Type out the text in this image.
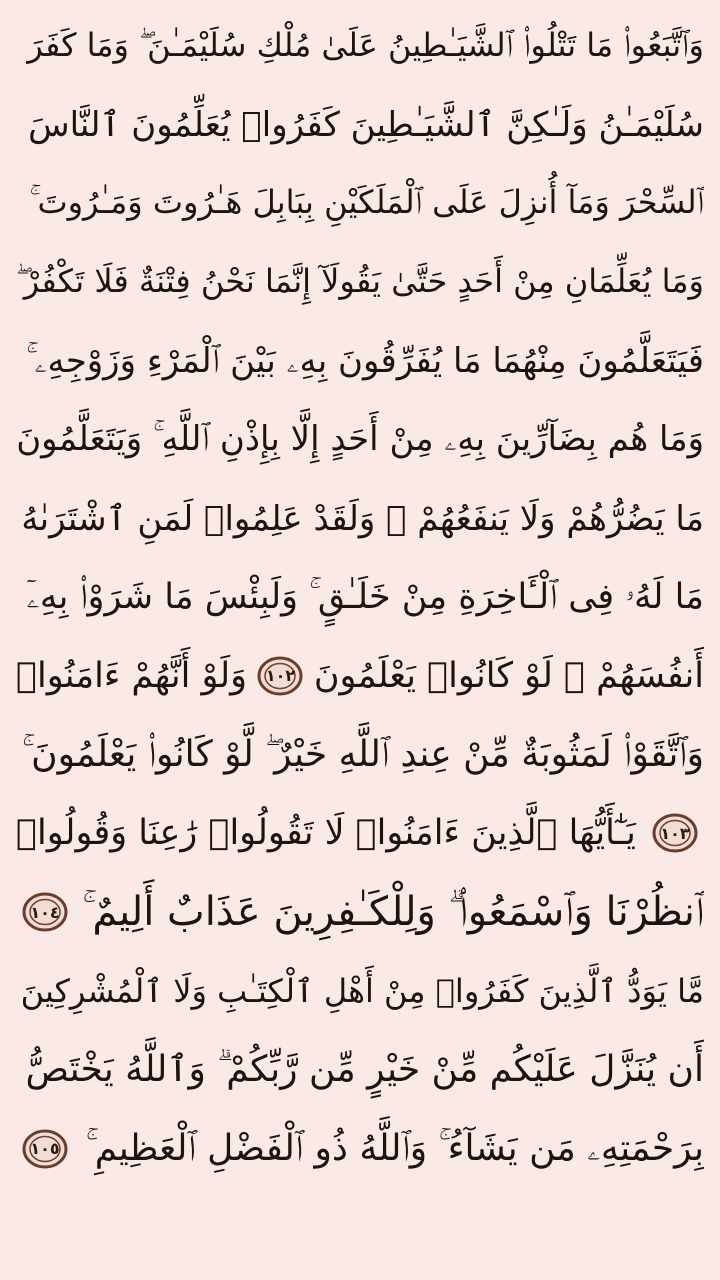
وَٱتَّبَعُوا۟ مَا تَتْلُوا۟ ٱلشَّيَـٰطِينُ عَلَىٰ مُلْكِ سُلَيْمَـٰنَ ۖ وَمَا كَفَرَ
سُلَيْمَـٰنُ وَلَـٰكِنَّ ٱلشَّيَـٰطِينَ كَفَرُوا۟ يُعَلِّمُونَ ٱلنَّاسَ
ٱلسِّحْرَ وَمَآ أُنزِلَ عَلَى ٱلْمَلَكَيْنِ بِبَابِلَ هَـٰرُوتَ وَمَـٰرُوتَ ۚ
وَمَا يُعَلِّمَانِ مِنْ أَحَدٍ حَتَّىٰ يَقُولَآ إِنَّمَا نَحْنُ فِتْنَةٌ فَلَا تَكْفُرْ ۖ
فَيَتَعَلَّمُونَ مِنْهُمَا مَا يُفَرِّقُونَ بِهِۦ بَيْنَ ٱلْمَرْءِ وَزَوْجِهِۦ ۚ
وَمَا هُم بِضَآرِّينَ بِهِۦ مِنْ أَحَدٍ إِلَّا بِإِذْنِ ٱللَّهِ ۚ وَيَتَعَلَّمُونَ
مَا يَضُرُّهُمْ وَلَا يَنفَعُهُمْ ۚ وَلَقَدْ عَلِمُوا۟ لَمَنِ ٱشْتَرَىٰهُ
مَا لَهُۥ فِى ٱلْـَٔاخِرَةِ مِنْ خَلَـٰقٍ ۚ وَلَبِئْسَ مَا شَرَوْا۟ بِهِۦٓ
أَنفُسَهُمْ ۚ لَوْ كَانُوا۟ يَعْلَمُونَ
١٠٢
وَلَوْ أَنَّهُمْ ءَامَنُوا۟
وَٱتَّقَوْا۟ لَمَثُوبَةٌ مِّنْ عِندِ ٱللَّهِ خَيْرٌ ۖ لَّوْ كَانُوا۟ يَعْلَمُونَ ۚ
١٠٣
يَـٰٓأَيُّهَا ٱلَّذِينَ ءَامَنُوا۟ لَا تَقُولُوا۟ رَٰعِنَا وَقُولُوا۟
ٱنظُرْنَا وَٱسْمَعُوا۟ ۗ وَلِلْكَـٰفِرِينَ عَذَابٌ أَلِيمٌ ۚ
١٠٤
مَّا يَوَدُّ ٱلَّذِينَ كَفَرُوا۟ مِنْ أَهْلِ ٱلْكِتَـٰبِ وَلَا ٱلْمُشْرِكِينَ
أَن يُنَزَّلَ عَلَيْكُم مِّنْ خَيْرٍ مِّن رَّبِّكُمْ ۗ وَٱللَّهُ يَخْتَصُّ
بِرَحْمَتِهِۦ مَن يَشَآءُ ۚ وَٱللَّهُ ذُو ٱلْفَضْلِ ٱلْعَظِيمِ ۚ
١٠٥
